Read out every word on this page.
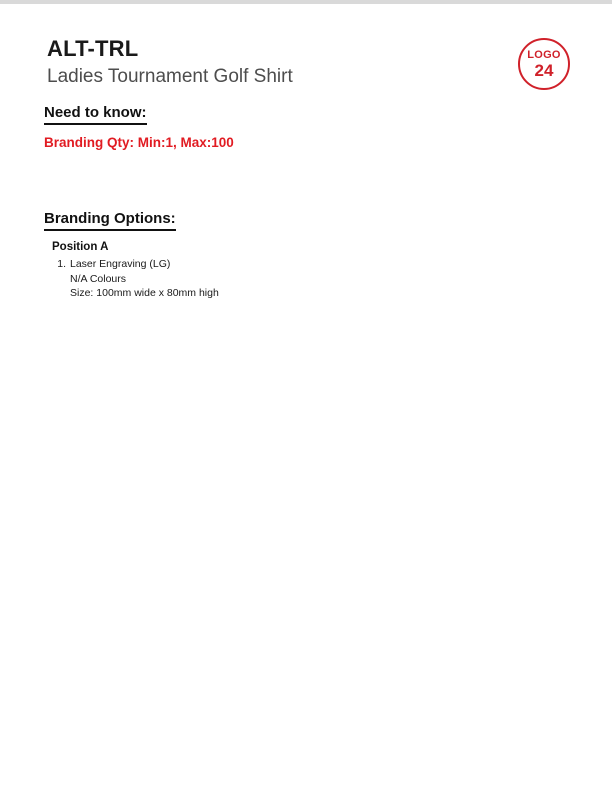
ALT-TRL
Ladies Tournament Golf Shirt
LOGO
24
Need to know:
Branding Qty: Min:1, Max:100
Branding Options:
Position A
1. Laser Engraving (LG)
N/A Colours
Size: 100mm wide x 80mm high
